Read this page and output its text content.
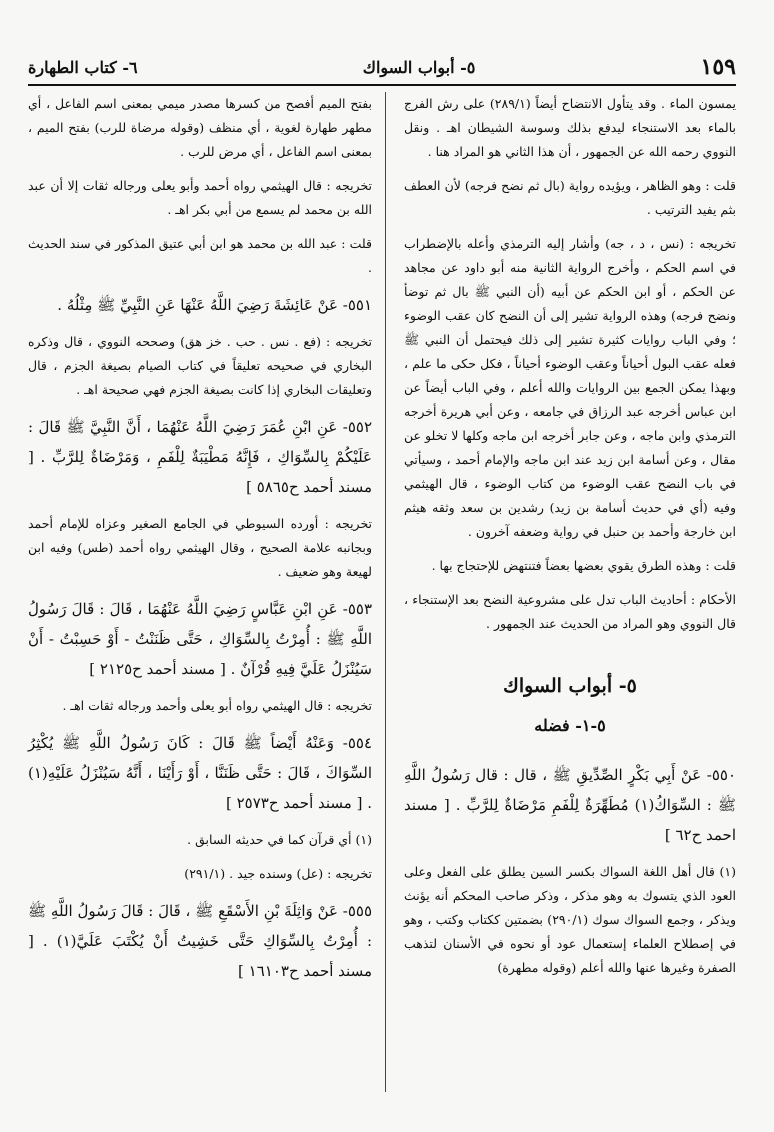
٦- كتاب الطهارة	٥- أبواب السواك	١٥٩

يمسون الماء . وقد يتأول الانتضاح أيضاً (٢٨٩/١) على رش الفرج بالماء بعد الاستنجاء ليدفع بذلك وسوسة الشيطان اهـ . ونقل النووي رحمه الله عن الجمهور ، أن هذا الثاني هو المراد هنا .

قلت : وهو الظاهر ، ويؤيده رواية (بال ثم نضح فرجه) لأن العطف بثم يفيد الترتيب .

تخريجه : (نس ، د ، جه) وأشار إليه الترمذي وأعله بالإضطراب في اسم الحكم ، وأخرج الرواية الثانية منه أبو داود عن مجاهد عن الحكم ، أو ابن الحكم عن أبيه (أن النبي ﷺ بال ثم توضأ ونضح فرجه) وهذه الرواية تشير إلى أن النضح كان عقب الوضوء ؛ وفي الباب روايات كثيرة تشير إلى ذلك فيحتمل أن النبي ﷺ فعله عقب البول أحياناً وعقب الوضوء أحياناً ، فكل حكى ما علم ، وبهذا يمكن الجمع بين الروايات والله أعلم ، وفي الباب أيضاً عن ابن عباس أخرجه عبد الرزاق في جامعه ، وعن أبي هريرة أخرجه الترمذي وابن ماجه ، وعن جابر أخرجه ابن ماجه وكلها لا تخلو عن مقال ، وعن أسامة ابن زيد عند ابن ماجه والإمام أحمد ، وسيأتي في باب النضح عقب الوضوء من كتاب الوضوء ، قال الهيثمي وفيه (أي في حديث أسامة بن زيد) رشدين بن سعد وثقه هيثم ابن خارجة وأحمد بن حنبل في رواية وضعفه آخرون .

قلت : وهذه الطرق يقوي بعضها بعضاً فتنتهض للإحتجاج بها .

الأحكام : أحاديث الباب تدل على مشروعية النضح بعد الإستنجاء ، قال النووي وهو المراد من الحديث عند الجمهور .

٥- أبواب السواك
٥-١- فضله

٥٥٠- عَنْ أَبِي بَكْرٍ الصِّدِّيقِ ﷺ ، قال : قال رَسُولُ اللَّهِ ﷺ : السِّوَاكُ(١) مُطَهِّرَةٌ لِلْفَمِ مَرْضَاةٌ لِلرَّبِّ . [ مسند احمد ح٦٢ ]

(١) قال أهل اللغة السواك بكسر السين يطلق على الفعل وعلى العود الذي يتسوك به وهو مذكر ، وذكر صاحب المحكم أنه يؤنث ويذكر ، وجمع السواك سوك (٢٩٠/١) بضمتين ككتاب وكتب ، وهو في إصطلاح العلماء إستعمال عود أو نحوه في الأسنان لتذهب الصفرة وغيرها عنها والله أعلم (وقوله مطهرة)

بفتح الميم أفصح من كسرها مصدر ميمي بمعنى اسم الفاعل ، أي مطهر طهارة لغوية ، أي منظف (وقوله مرضاة للرب) بفتح الميم ، بمعنى اسم الفاعل ، أي مرض للرب .

تخريجه : قال الهيثمي رواه أحمد وأبو يعلى ورجاله ثقات إلا أن عبد الله بن محمد لم يسمع من أبي بكر اهـ .

قلت : عبد الله بن محمد هو ابن أبي عتيق المذكور في سند الحديث .

٥٥١- عَنْ عَائِشَةَ رَضِيَ اللَّهُ عَنْهَا عَنِ النَّبِيِّ ﷺ مِثْلُهُ .

تخريجه : (فع . نس . حب . خز هق) وصححه النووي ، قال وذكره البخاري في صحيحه تعليقاً في كتاب الصيام بصيغة الجزم ، قال وتعليقات البخاري إذا كانت بصيغة الجزم فهي صحيحة اهـ .

٥٥٢- عَنِ ابْنِ عُمَرَ رَضِيَ اللَّهُ عَنْهُمَا ، أَنَّ النَّبِيَّ ﷺ قَالَ : عَلَيْكُمْ بِالسِّوَاكِ ، فَإِنَّهُ مَطْيَبَةٌ لِلْفَمِ ، وَمَرْضَاةٌ لِلرَّبِّ . [ مسند أحمد ح٥٨٦٥ ]

تخريجه : أورده السيوطي في الجامع الصغير وعزاه للإمام أحمد وبجانبه علامة الصحيح ، وقال الهيثمي رواه أحمد (طس) وفيه ابن لهيعة وهو ضعيف .

٥٥٣- عَنِ ابْنِ عَبَّاسٍ رَضِيَ اللَّهُ عَنْهُمَا ، قَالَ : قَالَ رَسُولُ اللَّهِ ﷺ : أُمِرْتُ بِالسِّوَاكِ ، حَتَّى ظَنَنْتُ - أَوْ حَسِبْتُ - أَنْ سَيُنْزَلُ عَلَيَّ فِيهِ قُرْآنٌ . [ مسند أحمد ح٢١٢٥ ]

تخريجه : قال الهيثمي رواه أبو يعلى وأحمد ورجاله ثقات اهـ .

٥٥٤- وَعَنْهُ أَيْضاً ﷺ قَالَ : كَانَ رَسُولُ اللَّهِ ﷺ يُكْثِرُ السِّوَاكَ ، قَالَ : حَتَّى ظَنَنَّا ، أَوْ رَأَيْنَا ، أَنَّهُ سَيُنْزَلُ عَلَيْهِ(١) . [ مسند أحمد ح٢٥٧٣ ]

(١) أي قرآن كما في حديثه السابق .

تخريجه : (عل) وسنده جيد . (٢٩١/١)

٥٥٥- عَنْ وَاثِلَةَ بْنِ الأَسْقَعِ ﷺ ، قَالَ : قَالَ رَسُولُ اللَّهِ ﷺ : أُمِرْتُ بِالسِّوَاكِ حَتَّى خَشِيتُ أَنْ يُكْتَبَ عَلَيَّ(١) . [ مسند أحمد ح١٦١٠٣ ]
